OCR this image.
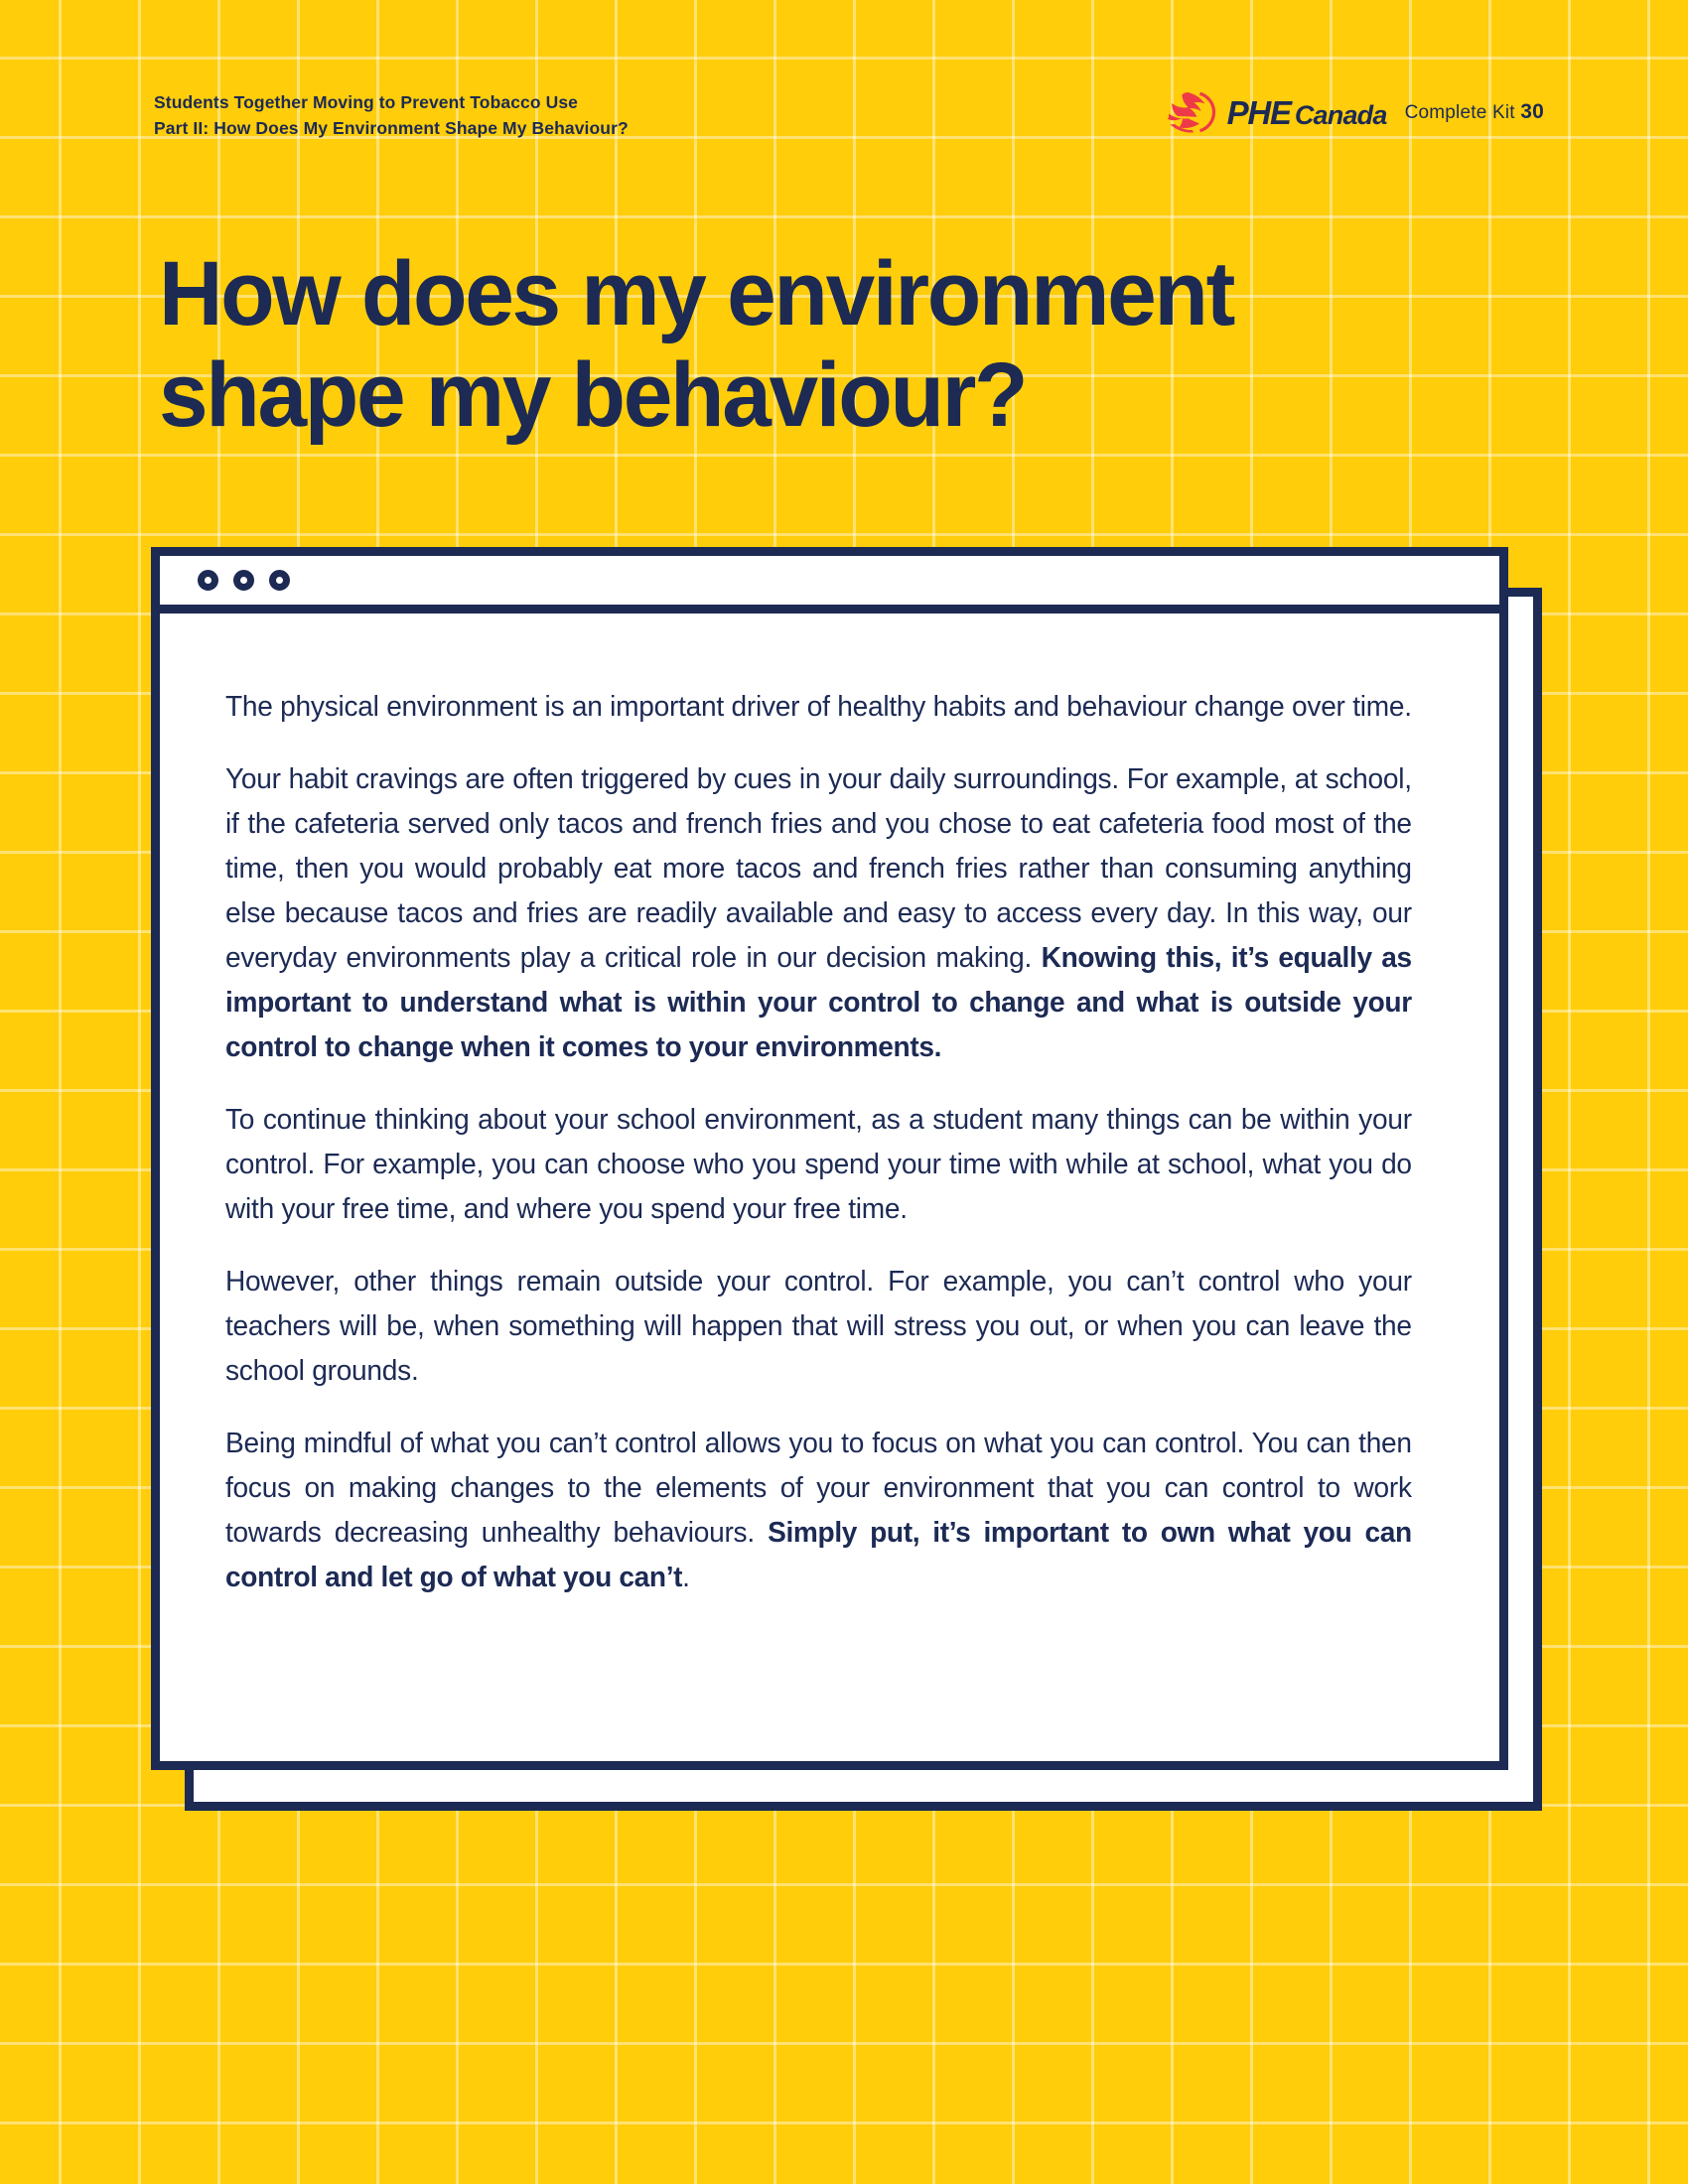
Students Together Moving to Prevent Tobacco Use
Part II: How Does My Environment Shape My Behaviour?	PHE Canada Complete Kit 30
How does my environment
shape my behaviour?

The physical environment is an important driver of healthy habits and behaviour change over time.

Your habit cravings are often triggered by cues in your daily surroundings. For example, at school, if the cafeteria served only tacos and french fries and you chose to eat cafeteria food most of the time, then you would probably eat more tacos and french fries rather than consuming anything else because tacos and fries are readily available and easy to access every day. In this way, our everyday environments play a critical role in our decision making. Knowing this, it’s equally as important to understand what is within your control to change and what is outside your control to change when it comes to your environments.

To continue thinking about your school environment, as a student many things can be within your control. For example, you can choose who you spend your time with while at school, what you do with your free time, and where you spend your free time.

However, other things remain outside your control. For example, you can’t control who your teachers will be, when something will happen that will stress you out, or when you can leave the school grounds.

Being mindful of what you can’t control allows you to focus on what you can control. You can then focus on making changes to the elements of your environment that you can control to work towards decreasing unhealthy behaviours. Simply put, it’s important to own what you can control and let go of what you can’t.
